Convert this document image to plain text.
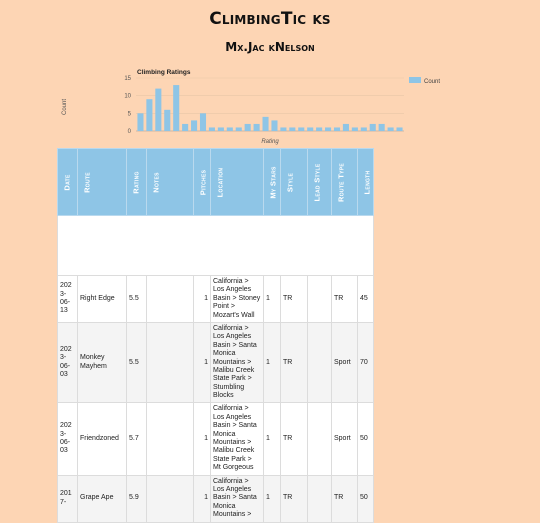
ClimbingTic ks
Mx.Jac kNelson
Climbing Ratings
Count
Rating
Count
0
5
10
15
Date	Route	Rating	Notes	Pitches	Location	My Stars	Style	Lead Style	Route Type	Length

2023-06-13	Right Edge	5.5		1	California > Los Angeles Basin > Stoney Point > Mozart's Wall	1	TR		TR	45
2023-06-03	Monkey Mayhem	5.5		1	California > Los Angeles Basin > Santa Monica Mountains > Malibu Creek State Park > Stumbling Blocks	1	TR		Sport	70
2023-06-03	Friendzoned	5.7		1	California > Los Angeles Basin > Santa Monica Mountains > Malibu Creek State Park > Mt Gorgeous	1	TR		Sport	50
2017-	Grape Ape	5.9		1	California > Los Angeles Basin > Santa Monica Mountains >	1	TR		TR	50
